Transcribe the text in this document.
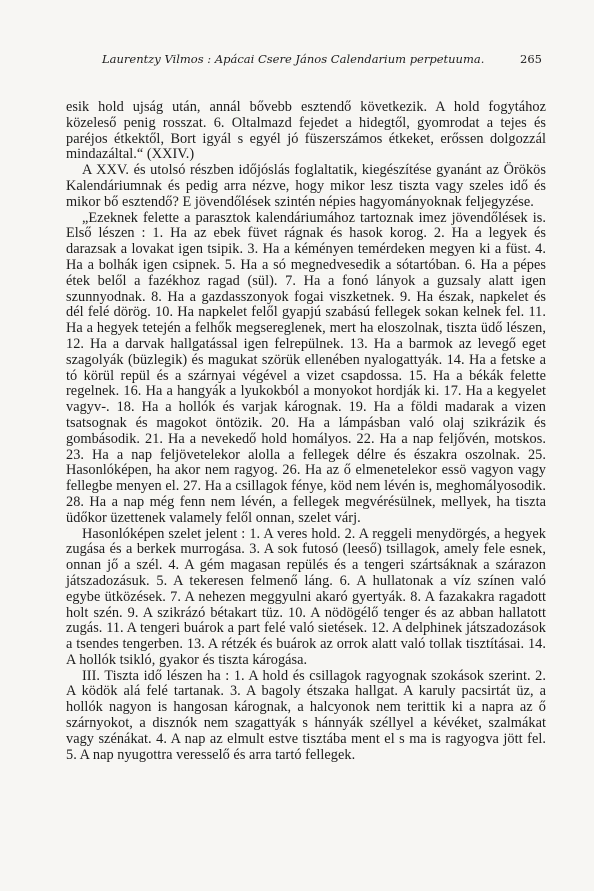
Laurentzy Vilmos : Apácai Csere János Calendarium perpetuuma.	265

esik hold ujság után, annál bővebb esztendő következik. A hold fogytához közeleső penig rosszat. 6. Oltalmazd fejedet a hidegtől, gyomrodat a tejes és paréjos étkektől, Bort igyál s egyél jó füszerszámos étkeket, erőssen dolgozzál mindazáltal.“ (XXIV.)

A XXV. és utolsó részben időjóslás foglaltatik, kiegészítése gyanánt az Örökös Kalendáriumnak és pedig arra nézve, hogy mikor lesz tiszta vagy szeles idő és mikor bő esztendő? E jövendőlések szintén népies hagyományoknak feljegyzése.

„Ezeknek felette a parasztok kalendáriumához tartoznak imez jövendőlések is. Első lészen : 1. Ha az ebek füvet rágnak és hasok korog. 2. Ha a legyek és darazsak a lovakat igen tsipik. 3. Ha a kéményen temérdeken megyen ki a füst. 4. Ha a bolhák igen csipnek. 5. Ha a só megnedvesedik a sótartóban. 6. Ha a pépes étek belől a fazékhoz ragad (sül). 7. Ha a fonó lányok a guzsaly alatt igen szunnyodnak. 8. Ha a gazdasszonyok fogai viszketnek. 9. Ha észak, napkelet és dél felé dörög. 10. Ha napkelet felől gyapjú szabású fellegek sokan kelnek fel. 11. Ha a hegyek tetején a felhők megsereglenek, mert ha eloszolnak, tiszta üdő lészen, 12. Ha a darvak hallgatással igen felrepülnek. 13. Ha a barmok az levegő eget szagolyák (büzlegik) és magukat szörük ellenében nyalogattyák. 14. Ha a fetske a tó körül repül és a szárnyai végével a vizet csapdossa. 15. Ha a békák felette regelnek. 16. Ha a hangyák a lyukokból a monyokot hordják ki. 17. Ha a kegyelet vagyv-. 18. Ha a hollók és varjak kárognak. 19. Ha a földi madarak a vizen tsatsognak és magokot öntözik. 20. Ha a lámpásban való olaj szikrázik és gombásodik. 21. Ha a nevekedő hold homályos. 22. Ha a nap feljővén, motskos. 23. Ha a nap feljövetelekor alolla a fellegek délre és északra oszolnak. 25. Hasonlóképen, ha akor nem ragyog. 26. Ha az ő elmenetelekor essö vagyon vagy fellegbe menyen el. 27. Ha a csillagok fénye, köd nem lévén is, meghomályosodik. 28. Ha a nap még fenn nem lévén, a fellegek megvérésülnek, mellyek, ha tiszta üdőkor üzettenek valamely felől onnan, szelet várj.

Hasonlóképen szelet jelent : 1. A veres hold. 2. A reggeli menydörgés, a hegyek zugása és a berkek murrogása. 3. A sok futosó (leeső) tsillagok, amely fele esnek, onnan jő a szél. 4. A gém magasan repülés és a tengeri szártsáknak a szárazon játszadozásuk. 5. A tekeresen felmenő láng. 6. A hullatonak a víz színen való egybe ütközések. 7. A nehezen meggyulni akaró gyertyák. 8. A fazakakra ragadott holt szén. 9. A szikrázó bétakart tüz. 10. A nödögélő tenger és az abban hallatott zugás. 11. A tengeri buárok a part felé való sietések. 12. A delphinek játszadozások a tsendes tengerben. 13. A rétzék és buárok az orrok alatt való tollak tisztításai. 14. A hollók tsikló, gyakor és tiszta károgása.

III. Tiszta idő lészen ha : 1. A hold és csillagok ragyognak szokások szerint. 2. A ködök alá felé tartanak. 3. A bagoly étszaka hallgat. A karuly pacsirtát üz, a hollók nagyon is hangosan kárognak, a halcyonok nem terittik ki a napra az ő szárnyokot, a disznók nem szagattyák s hánnyák széllyel a kévéket, szalmákat vagy szénákat. 4. A nap az elmult estve tisztába ment el s ma is ragyogva jött fel. 5. A nap nyugottra veresselő és arra tartó fellegek.
